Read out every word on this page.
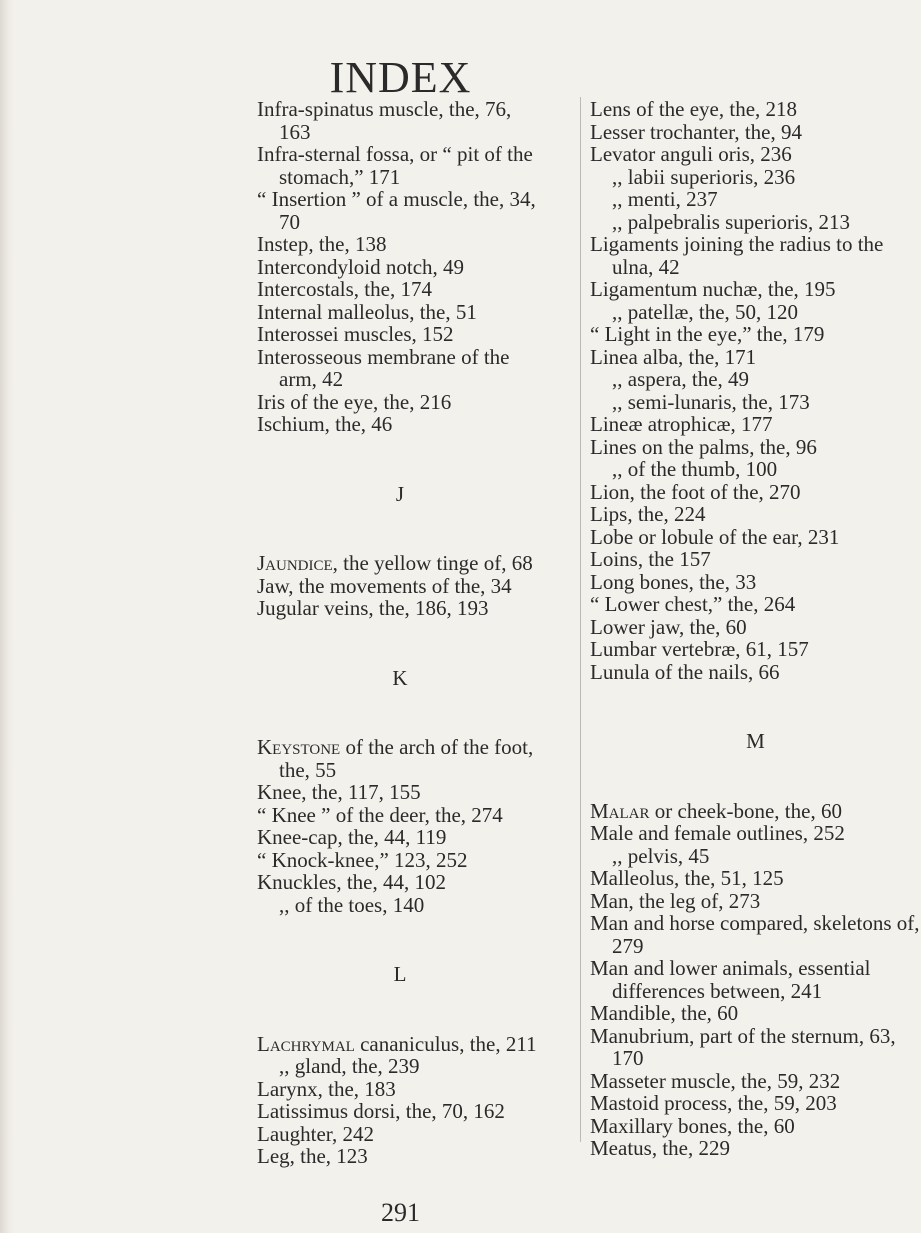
INDEX
Infra-spinatus muscle, the, 76, 163
Infra-sternal fossa, or “ pit of the stomach,” 171
“ Insertion ” of a muscle, the, 34, 70
Instep, the, 138
Intercondyloid notch, 49
Intercostals, the, 174
Internal malleolus, the, 51
Interossei muscles, 152
Interosseous membrane of the arm, 42
Iris of the eye, the, 216
Ischium, the, 46
J
Jaundice, the yellow tinge of, 68
Jaw, the movements of the, 34
Jugular veins, the, 186, 193
K
Keystone of the arch of the foot, the, 55
Knee, the, 117, 155
“ Knee ” of the deer, the, 274
Knee-cap, the, 44, 119
“ Knock-knee,” 123, 252
Knuckles, the, 44, 102
,, of the toes, 140
L
Lachrymal cananiculus, the, 211
,, gland, the, 239
Larynx, the, 183
Latissimus dorsi, the, 70, 162
Laughter, 242
Leg, the, 123
Lens of the eye, the, 218
Lesser trochanter, the, 94
Levator anguli oris, 236
,, labii superioris, 236
,, menti, 237
,, palpebralis superioris, 213
Ligaments joining the radius to the ulna, 42
Ligamentum nuchæ, the, 195
,, patellæ, the, 50, 120
“ Light in the eye,” the, 179
Linea alba, the, 171
,, aspera, the, 49
,, semi-lunaris, the, 173
Lineæ atrophicæ, 177
Lines on the palms, the, 96
,, of the thumb, 100
Lion, the foot of the, 270
Lips, the, 224
Lobe or lobule of the ear, 231
Loins, the 157
Long bones, the, 33
“ Lower chest,” the, 264
Lower jaw, the, 60
Lumbar vertebræ, 61, 157
Lunula of the nails, 66
M
Malar or cheek-bone, the, 60
Male and female outlines, 252
,, pelvis, 45
Malleolus, the, 51, 125
Man, the leg of, 273
Man and horse compared, skeletons of, 279
Man and lower animals, essential differences between, 241
Mandible, the, 60
Manubrium, part of the sternum, 63, 170
Masseter muscle, the, 59, 232
Mastoid process, the, 59, 203
Maxillary bones, the, 60
Meatus, the, 229
291
